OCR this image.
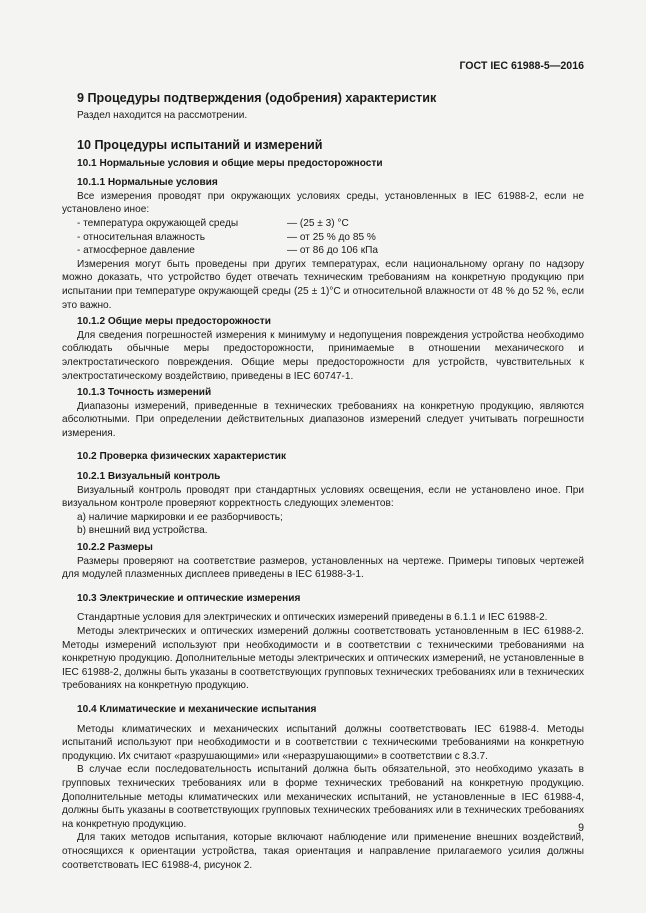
ГОСТ IEC 61988-5—2016
9 Процедуры подтверждения (одобрения) характеристик

Раздел находится на рассмотрении.

10 Процедуры испытаний и измерений
10.1 Нормальные условия и общие меры предосторожности
10.1.1 Нормальные условия

Все измерения проводят при окружающих условиях среды, установленных в IEC 61988-2, если не установлено иное:

- температура окружающей среды	— (25 ± 3) °C
- относительная влажность	— от 25 % до 85 %
- атмосферное давление	— от 86 до 106 кПа

Измерения могут быть проведены при других температурах, если национальному органу по надзору можно доказать, что устройство будет отвечать техническим требованиям на конкретную продукцию при испытании при температуре окружающей среды (25 ± 1)°C и относительной влажности от 48 % до 52 %, если это важно.

10.1.2 Общие меры предосторожности

Для сведения погрешностей измерения к минимуму и недопущения повреждения устройства необходимо соблюдать обычные меры предосторожности, принимаемые в отношении механического и электростатического повреждения. Общие меры предосторожности для устройств, чувствительных к электростатическому воздействию, приведены в IEC 60747-1.

10.1.3 Точность измерений

Диапазоны измерений, приведенные в технических требованиях на конкретную продукцию, являются абсолютными. При определении действительных диапазонов измерений следует учитывать погрешности измерения.

10.2 Проверка физических характеристик
10.2.1 Визуальный контроль

Визуальный контроль проводят при стандартных условиях освещения, если не установлено иное. При визуальном контроле проверяют корректность следующих элементов:

а) наличие маркировки и ее разборчивость;
b) внешний вид устройства.
10.2.2 Размеры

Размеры проверяют на соответствие размеров, установленных на чертеже. Примеры типовых чертежей для модулей плазменных дисплеев приведены в IEC 61988-3-1.

10.3 Электрические и оптические измерения

Стандартные условия для электрических и оптических измерений приведены в 6.1.1 и IEC 61988-2.

Методы электрических и оптических измерений должны соответствовать установленным в IEC 61988-2. Методы измерений используют при необходимости и в соответствии с техническими требованиями на конкретную продукцию. Дополнительные методы электрических и оптических измерений, не установленные в IEC 61988-2, должны быть указаны в соответствующих групповых технических требованиях или в технических требованиях на конкретную продукцию.

10.4 Климатические и механические испытания

Методы климатических и механических испытаний должны соответствовать IEC 61988-4. Методы испытаний используют при необходимости и в соответствии с техническими требованиями на конкретную продукцию. Их считают «разрушающими» или «неразрушающими» в соответствии с 8.3.7.

В случае если последовательность испытаний должна быть обязательной, это необходимо указать в групповых технических требованиях или в форме технических требований на конкретную продукцию. Дополнительные методы климатических или механических испытаний, не установленные в IEC 61988-4, должны быть указаны в соответствующих групповых технических требованиях или в технических требованиях на конкретную продукцию.

Для таких методов испытания, которые включают наблюдение или применение внешних воздействий, относящихся к ориентации устройства, такая ориентация и направление прилагаемого усилия должны соответствовать IEC 61988-4, рисунок 2.

9
